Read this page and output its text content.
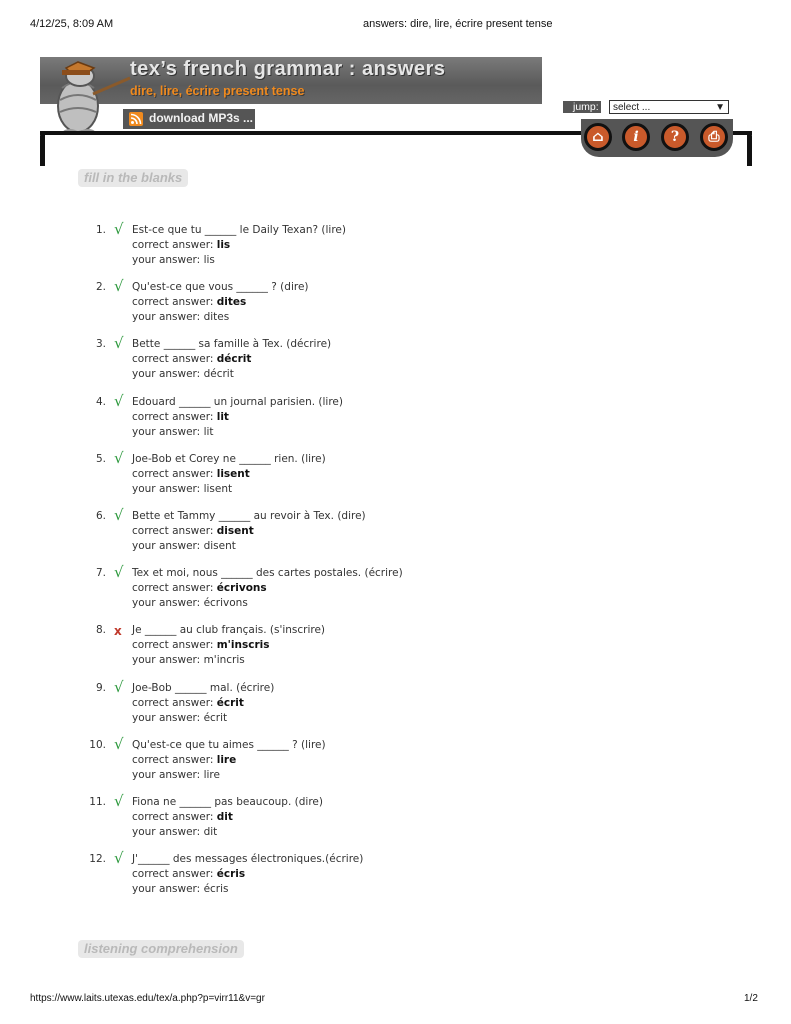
4/12/25, 8:09 AM	answers: dire, lire, écrire present tense
tex’s french grammar : answers
dire, lire, écrire present tense
download MP3s ...
jump:	select ...	▼
⌂	i	?	⎙
fill in the blanks
1. √ Est-ce que tu ______ le Daily Texan? (lire)
correct answer: lis
your answer: lis
2. √ Qu'est-ce que vous ______ ? (dire)
correct answer: dites
your answer: dites
3. √ Bette ______ sa famille à Tex. (décrire)
correct answer: décrit
your answer: décrit
4. √ Edouard ______ un journal parisien. (lire)
correct answer: lit
your answer: lit
5. √ Joe-Bob et Corey ne ______ rien. (lire)
correct answer: lisent
your answer: lisent
6. √ Bette et Tammy ______ au revoir à Tex. (dire)
correct answer: disent
your answer: disent
7. √ Tex et moi, nous ______ des cartes postales. (écrire)
correct answer: écrivons
your answer: écrivons
8. x Je ______ au club français. (s'inscrire)
correct answer: m'inscris
your answer: m'incris
9. √ Joe-Bob ______ mal. (écrire)
correct answer: écrit
your answer: écrit
10. √ Qu'est-ce que tu aimes ______ ? (lire)
correct answer: lire
your answer: lire
11. √ Fiona ne ______ pas beaucoup. (dire)
correct answer: dit
your answer: dit
12. √ J'______ des messages électroniques.(écrire)
correct answer: écris
your answer: écris
listening comprehension
https://www.laits.utexas.edu/tex/a.php?p=virr11&v=gr	1/2
